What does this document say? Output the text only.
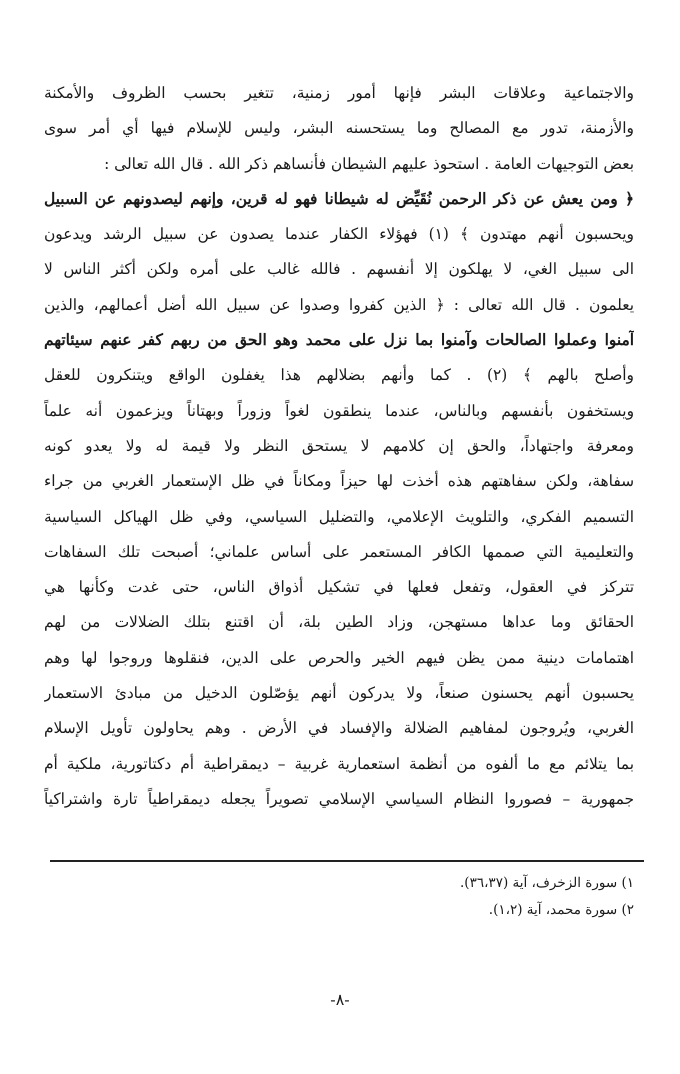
والاجتماعية وعلاقات البشر فإنها أمور زمنية، تتغير بحسب الظروف والأمكنة
والأزمنة، تدور مع المصالح وما يستحسنه البشر، وليس للإسلام فيها أي أمر سوى
بعض التوجيهات العامة . استحوذ عليهم الشيطان فأنساهم ذكر الله . قال الله تعالى :
﴿ ومن يعش عن ذكر الرحمن نُقَيِّض له شيطانا فهو له قرين، وإنهم ليصدونهم عن السبيل
ويحسبون أنهم مهتدون ﴾ (١) فهؤلاء الكفار عندما يصدون عن سبيل الرشد ويدعون
الى سبيل الغي، لا يهلكون إلا أنفسهم . فالله غالب على أمره ولكن أكثر الناس لا
يعلمون . قال الله تعالى : ﴿ الذين كفروا وصدوا عن سبيل الله أضل أعمالهم، والذين
آمنوا وعملوا الصالحات وآمنوا بما نزل على محمد وهو الحق من ربهم كفر عنهم سيئاتهم
وأصلح بالهم ﴾ (٢) . كما وأنهم بضلالهم هذا يغفلون الواقع ويتنكرون للعقل
ويستخفون بأنفسهم وبالناس، عندما ينطقون لغواً وزوراً وبهتاناً ويزعمون أنه علماً
ومعرفة واجتهاداً، والحق إن كلامهم لا يستحق النظر ولا قيمة له ولا يعدو كونه
سفاهة، ولكن سفاهتهم هذه أخذت لها حيزاً ومكاناً في ظل الإستعمار الغربي من جراء
التسميم الفكري، والتلويث الإعلامي، والتضليل السياسي، وفي ظل الهياكل السياسية
والتعليمية التي صممها الكافر المستعمر على أساس علماني؛ أصبحت تلك السفاهات
تتركز في العقول، وتفعل فعلها في تشكيل أذواق الناس، حتى غدت وكأنها هي
الحقائق وما عداها مستهجن، وزاد الطين بلة، أن اقتنع بتلك الضلالات من لهم
اهتمامات دينية ممن يظن فيهم الخير والحرص على الدين، فنقلوها وروجوا لها وهم
يحسبون أنهم يحسنون صنعاً، ولا يدركون أنهم يؤصّلون الدخيل من مبادئ الاستعمار
الغربي، ويُروجون لمفاهيم الضلالة والإفساد في الأرض . وهم يحاولون تأويل الإسلام
بما يتلائم مع ما ألفوه من أنظمة استعمارية غربية – ديمقراطية أم دكتاتورية، ملكية أم
جمهورية – فصوروا النظام السياسي الإسلامي تصويراً يجعله ديمقراطياً تارة واشتراكياً
١) سورة الزخرف، آية (٣٦،٣٧).
٢) سورة محمد، آية (١،٢).
-٨-
